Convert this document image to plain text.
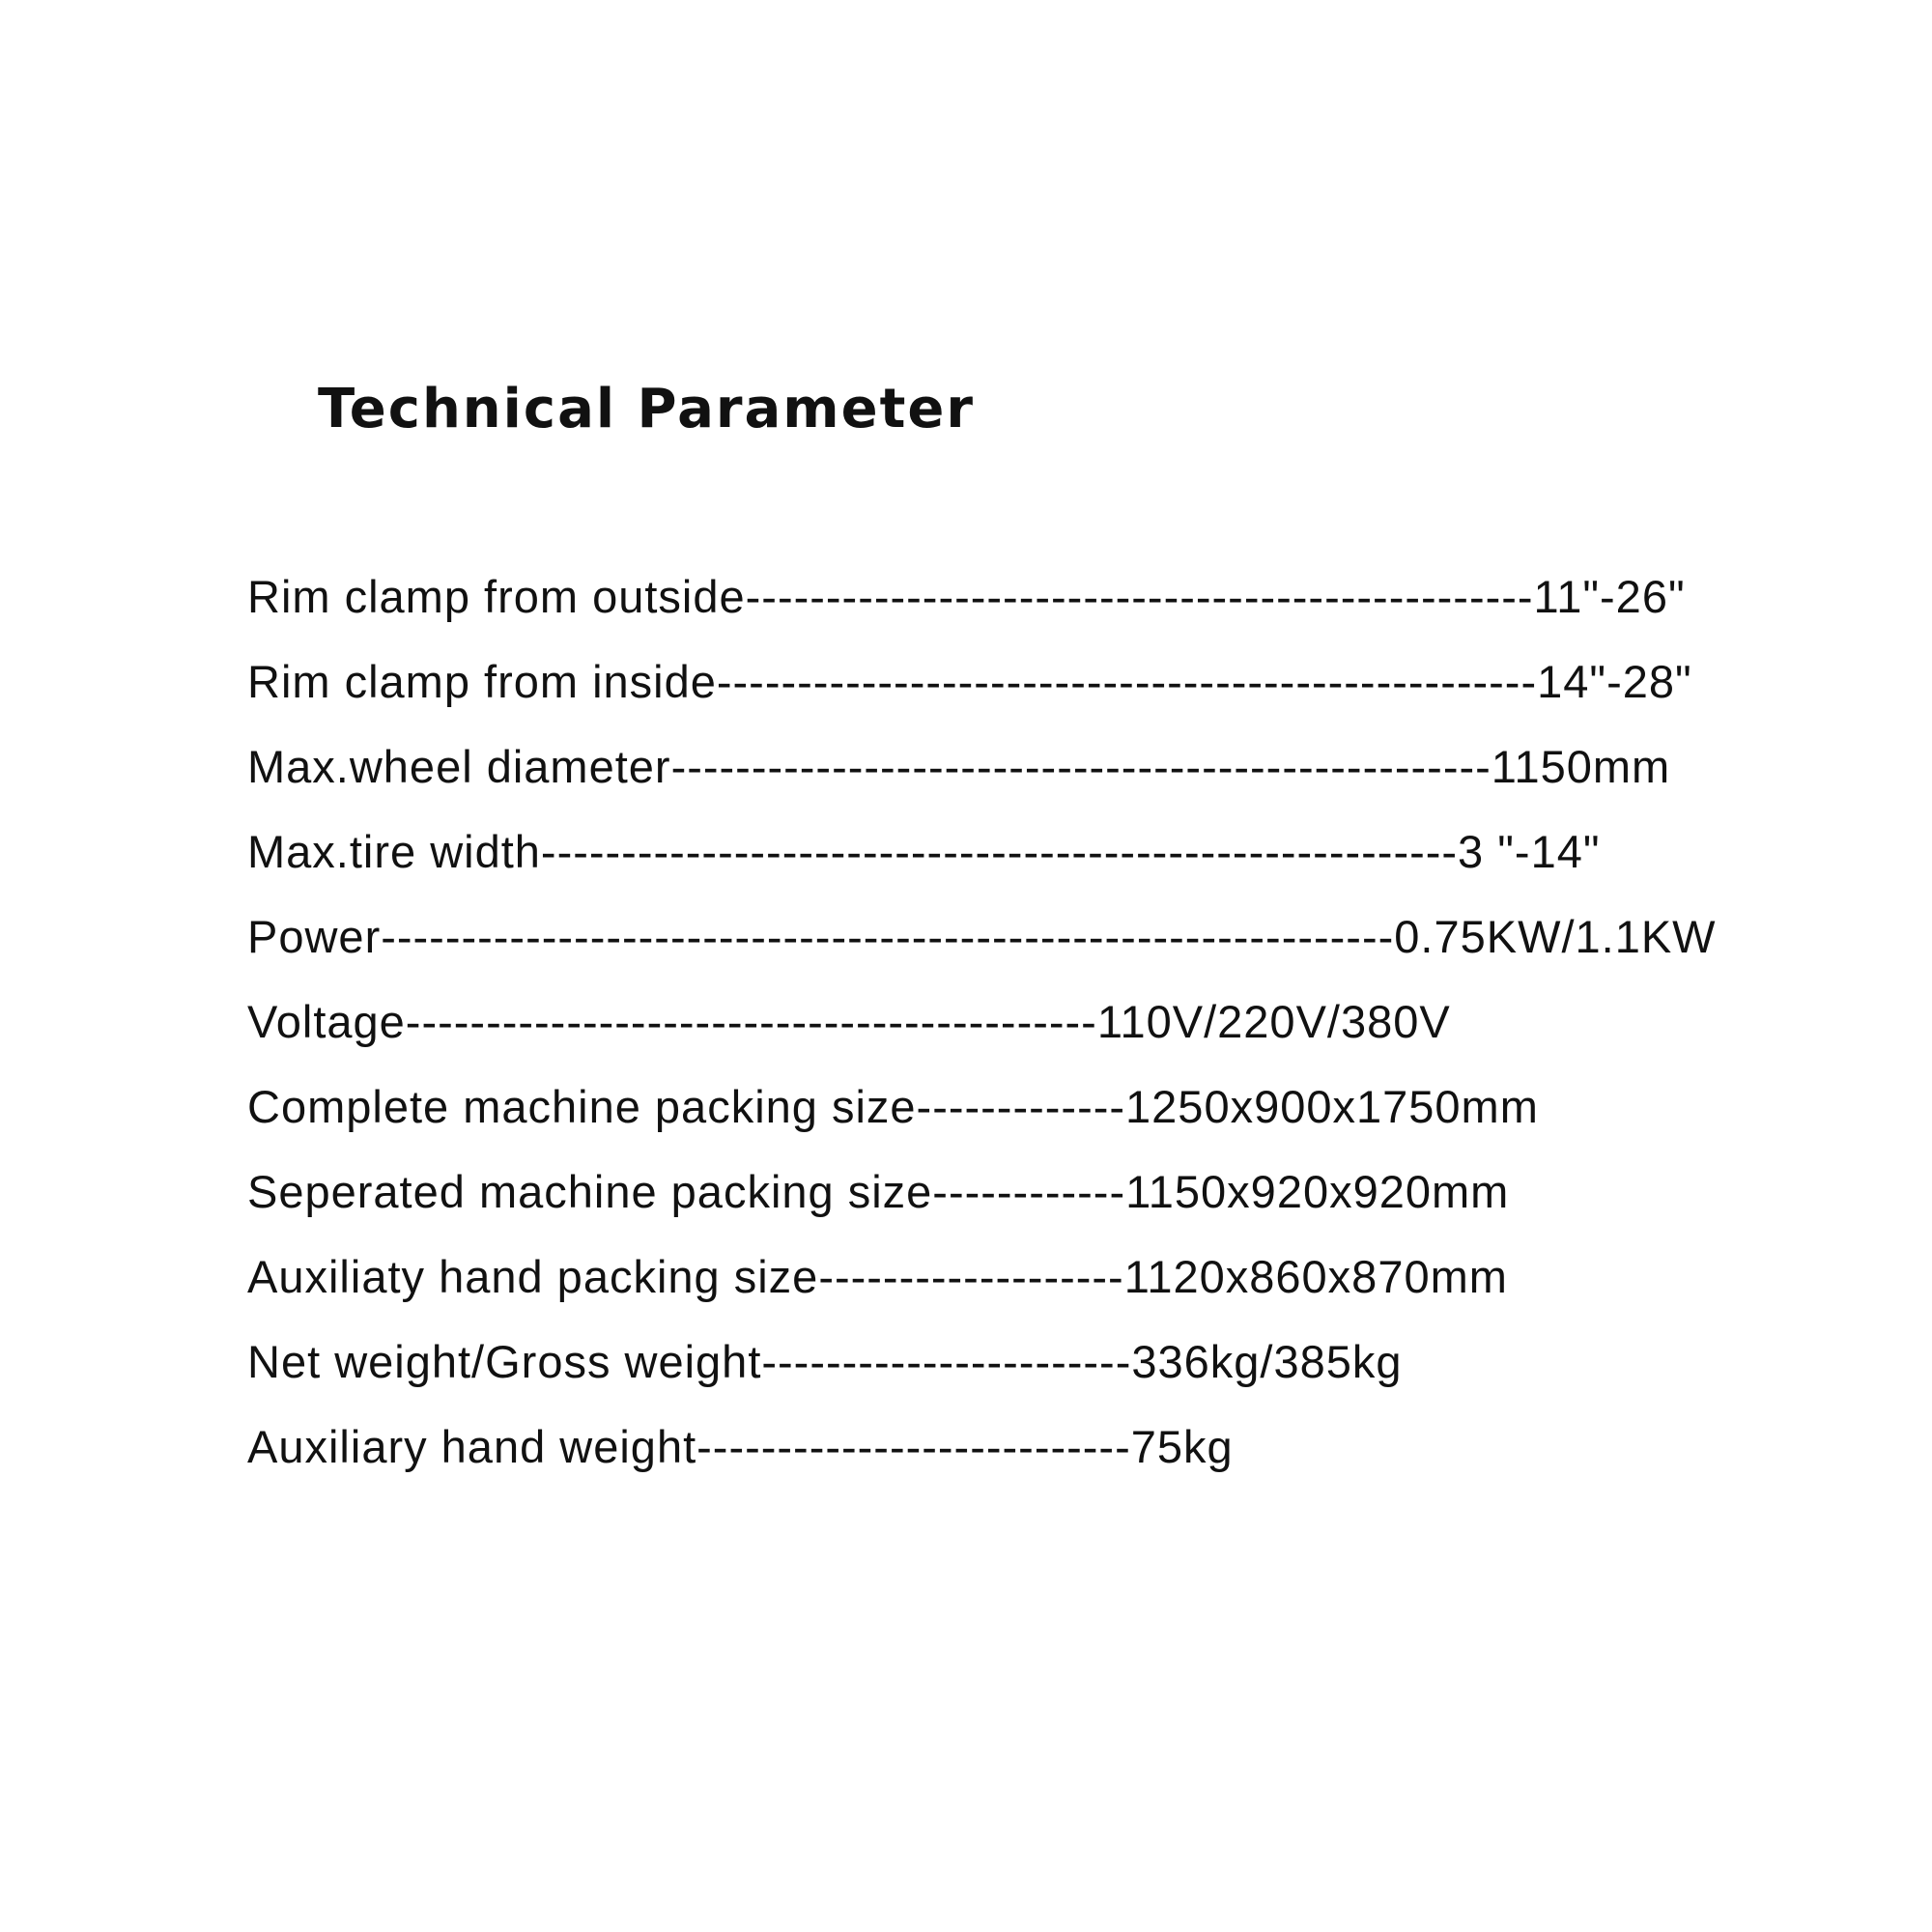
Technical Parameter
Rim clamp from outside-------------------------------------------------11"-26"
Rim clamp from inside---------------------------------------------------14"-28"
Max.wheel diameter---------------------------------------------------1150mm
Max.tire width---------------------------------------------------------3 "-14"
Power---------------------------------------------------------------0.75KW/1.1KW
Voltage-------------------------------------------110V/220V/380V
Complete machine packing size-------------1250x900x1750mm
Seperated machine packing size------------1150x920x920mm
Auxiliaty hand packing size-------------------1120x860x870mm
Net weight/Gross weight-----------------------336kg/385kg
Auxiliary hand weight---------------------------75kg
